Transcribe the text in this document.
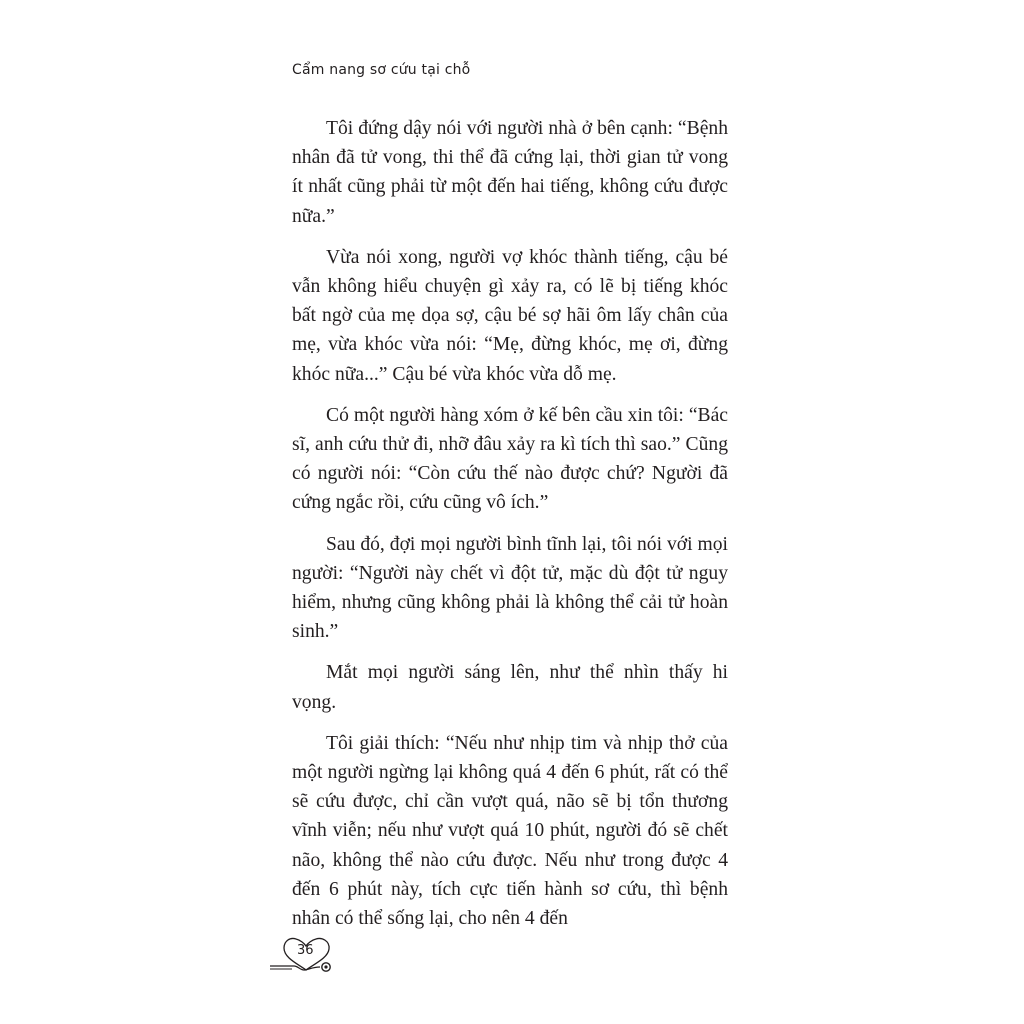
Cẩm nang sơ cứu tại chỗ

Tôi đứng dậy nói với người nhà ở bên cạnh: “Bệnh nhân đã tử vong, thi thể đã cứng lại, thời gian tử vong ít nhất cũng phải từ một đến hai tiếng, không cứu được nữa.”

Vừa nói xong, người vợ khóc thành tiếng, cậu bé vẫn không hiểu chuyện gì xảy ra, có lẽ bị tiếng khóc bất ngờ của mẹ dọa sợ, cậu bé sợ hãi ôm lấy chân của mẹ, vừa khóc vừa nói: “Mẹ, đừng khóc, mẹ ơi, đừng khóc nữa...” Cậu bé vừa khóc vừa dỗ mẹ.

Có một người hàng xóm ở kế bên cầu xin tôi: “Bác sĩ, anh cứu thử đi, nhỡ đâu xảy ra kì tích thì sao.” Cũng có người nói: “Còn cứu thế nào được chứ? Người đã cứng ngắc rồi, cứu cũng vô ích.”

Sau đó, đợi mọi người bình tĩnh lại, tôi nói với mọi người: “Người này chết vì đột tử, mặc dù đột tử nguy hiểm, nhưng cũng không phải là không thể cải tử hoàn sinh.”

Mắt mọi người sáng lên, như thể nhìn thấy hi vọng.

Tôi giải thích: “Nếu như nhịp tim và nhịp thở của một người ngừng lại không quá 4 đến 6 phút, rất có thể sẽ cứu được, chỉ cần vượt quá, não sẽ bị tổn thương vĩnh viễn; nếu như vượt quá 10 phút, người đó sẽ chết não, không thể nào cứu được. Nếu như trong được 4 đến 6 phút này, tích cực tiến hành sơ cứu, thì bệnh nhân có thể sống lại, cho nên 4 đến

36
